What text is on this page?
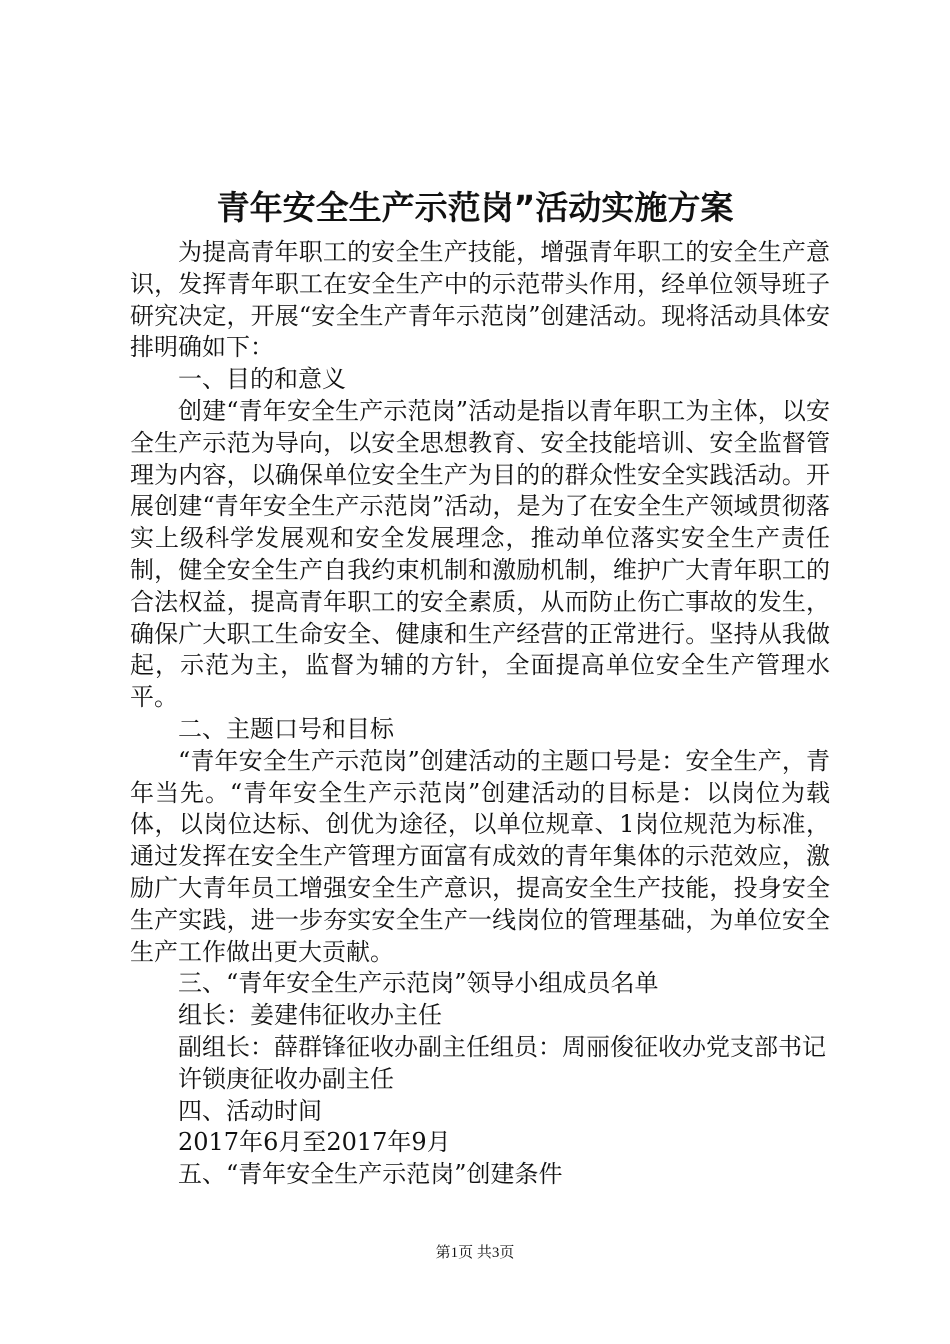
青年安全生产示范岗”活动实施方案

为提高青年职工的安全生产技能，增强青年职工的安全生产意识，发挥青年职工在安全生产中的示范带头作用，经单位领导班子研究决定，开展“安全生产青年示范岗”创建活动。现将活动具体安排明确如下：

一、目的和意义

创建“青年安全生产示范岗”活动是指以青年职工为主体，以安全生产示范为导向，以安全思想教育、安全技能培训、安全监督管理为内容，以确保单位安全生产为目的的群众性安全实践活动。开展创建“青年安全生产示范岗”活动，是为了在安全生产领域贯彻落实上级科学发展观和安全发展理念，推动单位落实安全生产责任制，健全安全生产自我约束机制和激励机制，维护广大青年职工的合法权益，提高青年职工的安全素质，从而防止伤亡事故的发生，确保广大职工生命安全、健康和生产经营的正常进行。坚持从我做起，示范为主，监督为辅的方针，全面提高单位安全生产管理水平。

二、主题口号和目标

“青年安全生产示范岗”创建活动的主题口号是：安全生产，青年当先。“青年安全生产示范岗”创建活动的目标是：以岗位为载体，以岗位达标、创优为途径，以单位规章、1岗位规范为标准，通过发挥在安全生产管理方面富有成效的青年集体的示范效应，激励广大青年员工增强安全生产意识，提高安全生产技能，投身安全生产实践，进一步夯实安全生产一线岗位的管理基础，为单位安全生产工作做出更大贡献。

三、“青年安全生产示范岗”领导小组成员名单

组长：姜建伟征收办主任

副组长：薛群锋征收办副主任组员：周丽俊征收办党支部书记

许锁庚征收办副主任

四、活动时间

2017年6月至2017年9月

五、“青年安全生产示范岗”创建条件

第1页 共3页
